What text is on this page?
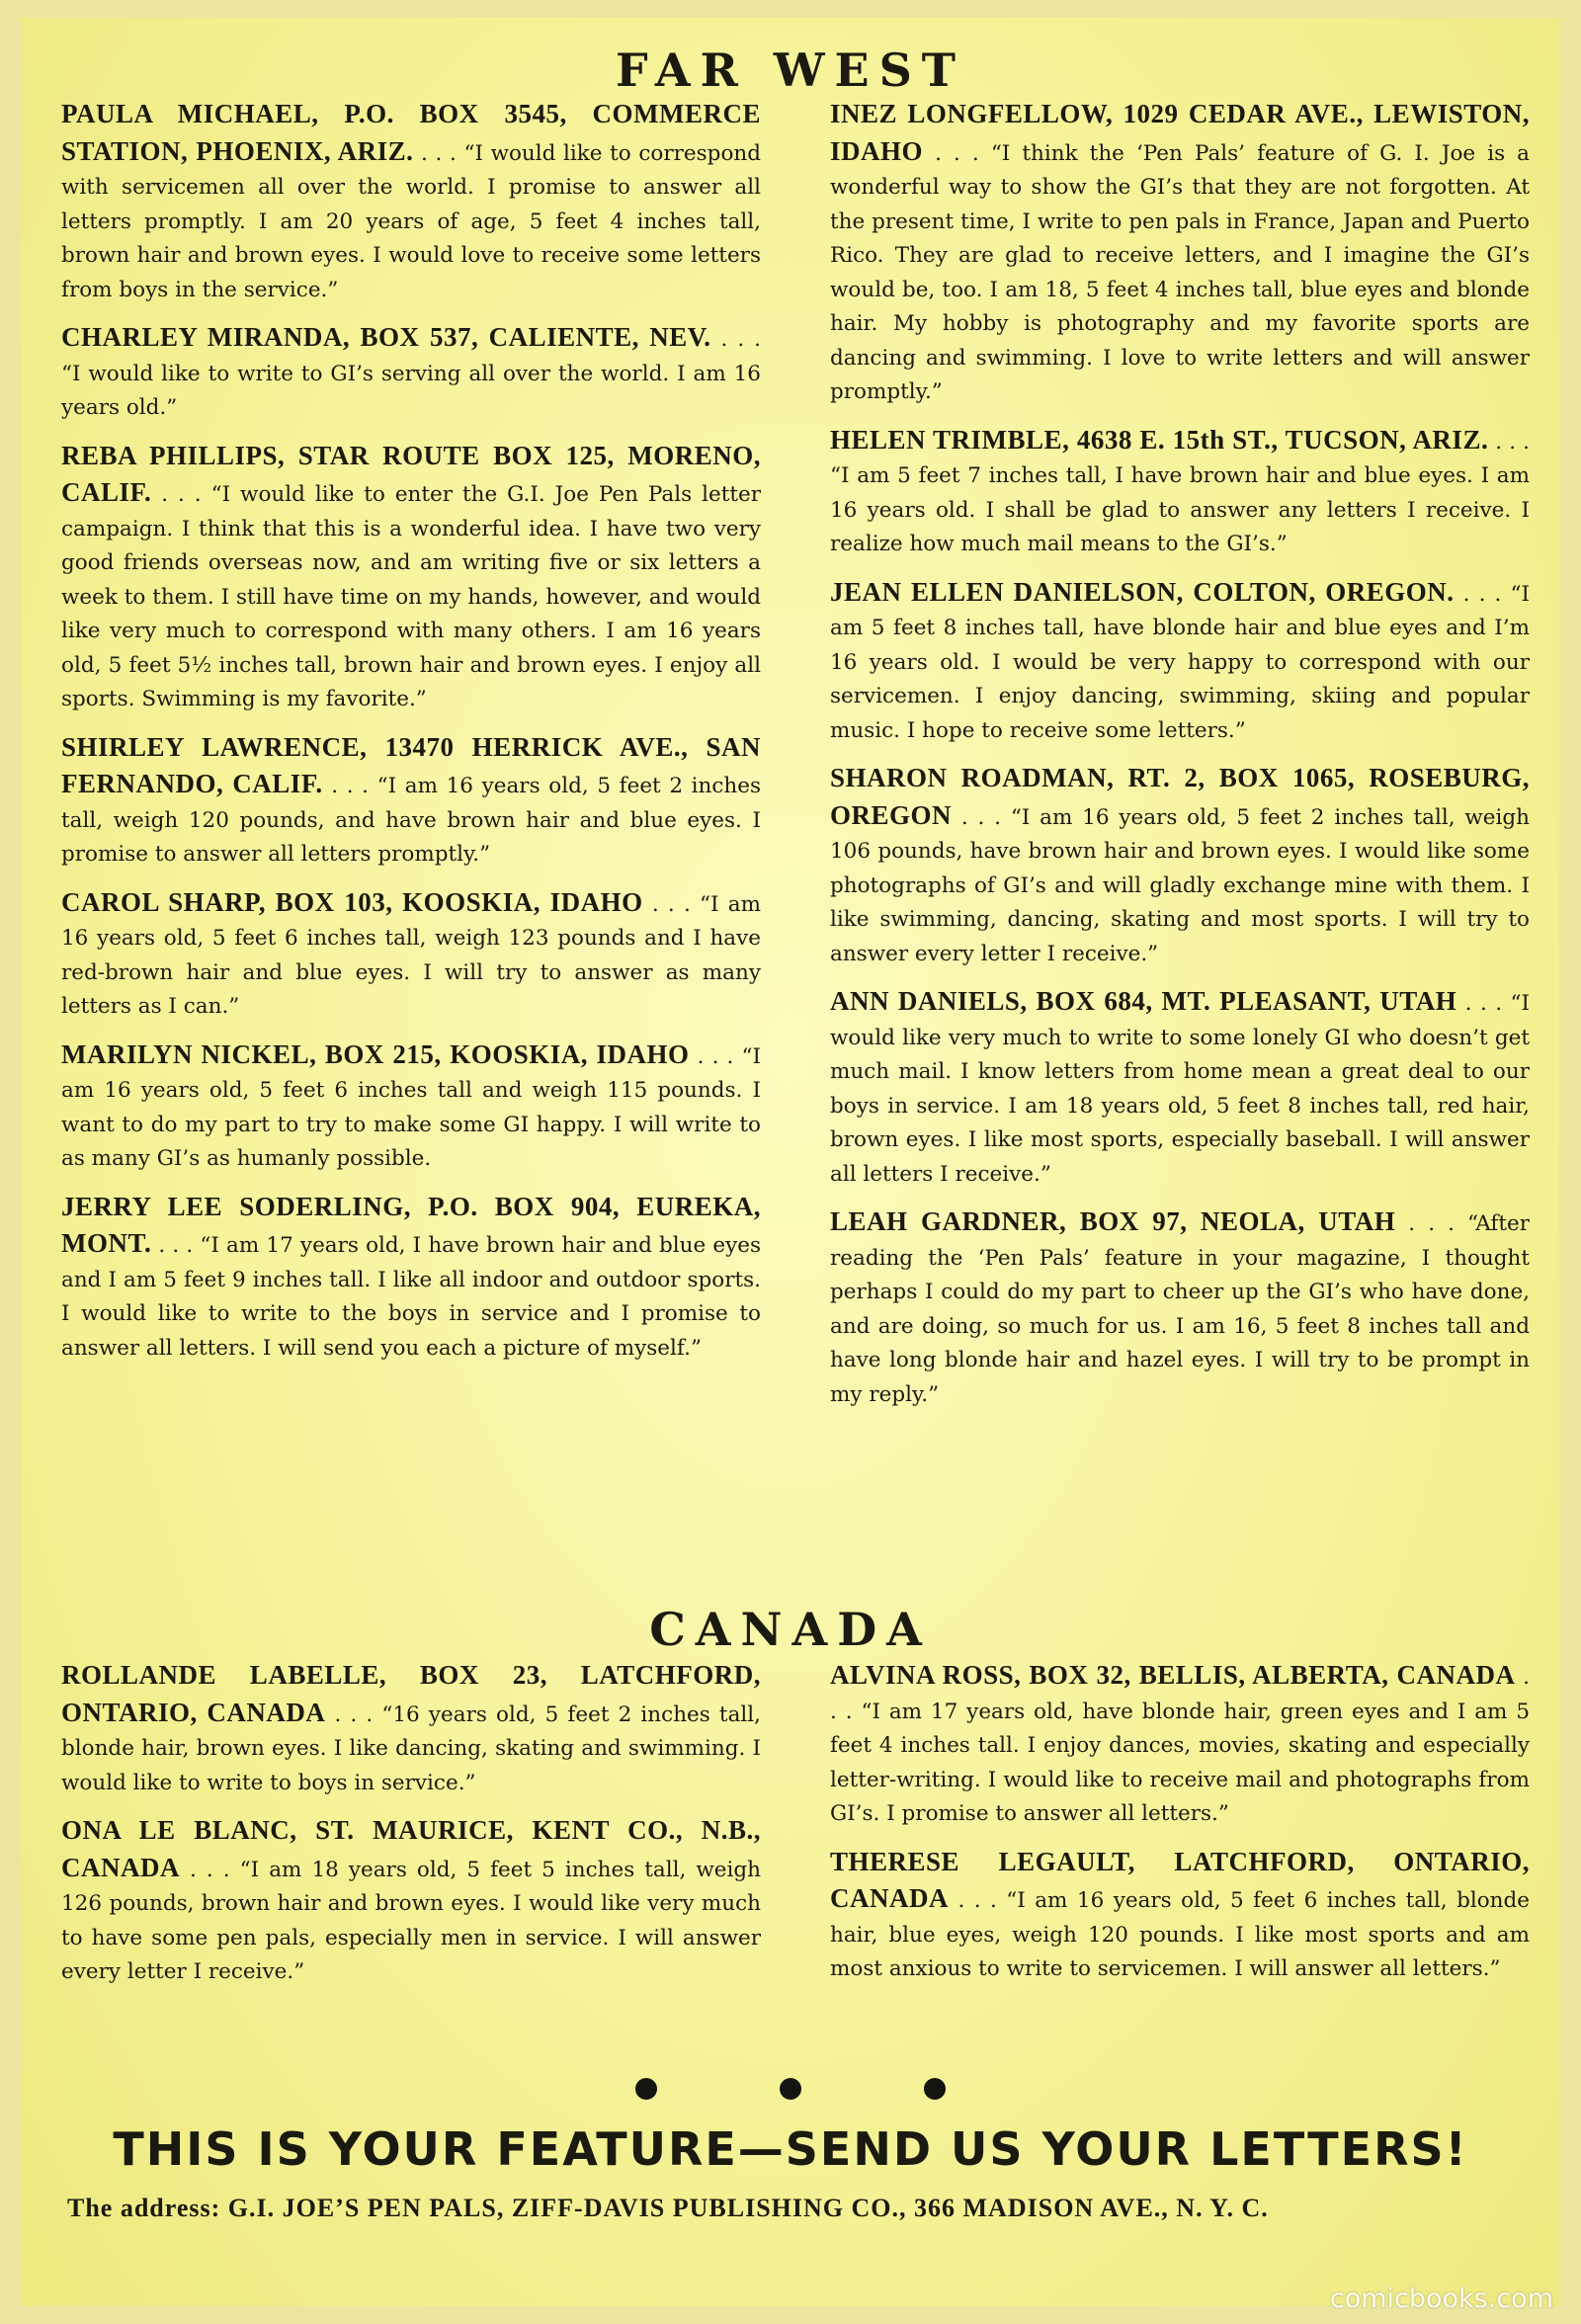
FAR WEST

PAULA MICHAEL, P.O. BOX 3545, COMMERCE STATION, PHOENIX, ARIZ. . . . “I would like to correspond with servicemen all over the world. I promise to answer all letters promptly. I am 20 years of age, 5 feet 4 inches tall, brown hair and brown eyes. I would love to receive some letters from boys in the service.”

CHARLEY MIRANDA, BOX 537, CALIENTE, NEV. . . . “I would like to write to GI’s serving all over the world. I am 16 years old.”

REBA PHILLIPS, STAR ROUTE BOX 125, MORENO, CALIF. . . . “I would like to enter the G.I. Joe Pen Pals letter campaign. I think that this is a wonderful idea. I have two very good friends overseas now, and am writing five or six letters a week to them. I still have time on my hands, however, and would like very much to correspond with many others. I am 16 years old, 5 feet 5½ inches tall, brown hair and brown eyes. I enjoy all sports. Swimming is my favorite.”

SHIRLEY LAWRENCE, 13470 HERRICK AVE., SAN FERNANDO, CALIF. . . . “I am 16 years old, 5 feet 2 inches tall, weigh 120 pounds, and have brown hair and blue eyes. I promise to answer all letters promptly.”

CAROL SHARP, BOX 103, KOOSKIA, IDAHO . . . “I am 16 years old, 5 feet 6 inches tall, weigh 123 pounds and I have red-brown hair and blue eyes. I will try to answer as many letters as I can.”

MARILYN NICKEL, BOX 215, KOOSKIA, IDAHO . . . “I am 16 years old, 5 feet 6 inches tall and weigh 115 pounds. I want to do my part to try to make some GI happy. I will write to as many GI’s as humanly possible.

JERRY LEE SODERLING, P.O. BOX 904, EUREKA, MONT. . . . “I am 17 years old, I have brown hair and blue eyes and I am 5 feet 9 inches tall. I like all indoor and outdoor sports. I would like to write to the boys in service and I promise to answer all letters. I will send you each a picture of myself.”

INEZ LONGFELLOW, 1029 CEDAR AVE., LEWISTON, IDAHO . . . “I think the ‘Pen Pals’ feature of G. I. Joe is a wonderful way to show the GI’s that they are not forgotten. At the present time, I write to pen pals in France, Japan and Puerto Rico. They are glad to receive letters, and I imagine the GI’s would be, too. I am 18, 5 feet 4 inches tall, blue eyes and blonde hair. My hobby is photography and my favorite sports are dancing and swimming. I love to write letters and will answer promptly.”

HELEN TRIMBLE, 4638 E. 15th ST., TUCSON, ARIZ. . . . “I am 5 feet 7 inches tall, I have brown hair and blue eyes. I am 16 years old. I shall be glad to answer any letters I receive. I realize how much mail means to the GI’s.”

JEAN ELLEN DANIELSON, COLTON, OREGON. . . . “I am 5 feet 8 inches tall, have blonde hair and blue eyes and I’m 16 years old. I would be very happy to correspond with our servicemen. I enjoy dancing, swimming, skiing and popular music. I hope to receive some letters.”

SHARON ROADMAN, RT. 2, BOX 1065, ROSEBURG, OREGON . . . “I am 16 years old, 5 feet 2 inches tall, weigh 106 pounds, have brown hair and brown eyes. I would like some photographs of GI’s and will gladly exchange mine with them. I like swimming, dancing, skating and most sports. I will try to answer every letter I receive.”

ANN DANIELS, BOX 684, MT. PLEASANT, UTAH . . . “I would like very much to write to some lonely GI who doesn’t get much mail. I know letters from home mean a great deal to our boys in service. I am 18 years old, 5 feet 8 inches tall, red hair, brown eyes. I like most sports, especially baseball. I will answer all letters I receive.”

LEAH GARDNER, BOX 97, NEOLA, UTAH . . . “After reading the ‘Pen Pals’ feature in your magazine, I thought perhaps I could do my part to cheer up the GI’s who have done, and are doing, so much for us. I am 16, 5 feet 8 inches tall and have long blonde hair and hazel eyes. I will try to be prompt in my reply.”

CANADA

ROLLANDE LABELLE, BOX 23, LATCHFORD, ONTARIO, CANADA . . . “16 years old, 5 feet 2 inches tall, blonde hair, brown eyes. I like dancing, skating and swimming. I would like to write to boys in service.”

ONA LE BLANC, ST. MAURICE, KENT CO., N.B., CANADA . . . “I am 18 years old, 5 feet 5 inches tall, weigh 126 pounds, brown hair and brown eyes. I would like very much to have some pen pals, especially men in service. I will answer every letter I receive.”

ALVINA ROSS, BOX 32, BELLIS, ALBERTA, CANADA . . . “I am 17 years old, have blonde hair, green eyes and I am 5 feet 4 inches tall. I enjoy dances, movies, skating and especially letter-writing. I would like to receive mail and photographs from GI’s. I promise to answer all letters.”

THERESE LEGAULT, LATCHFORD, ONTARIO, CANADA . . . “I am 16 years old, 5 feet 6 inches tall, blonde hair, blue eyes, weigh 120 pounds. I like most sports and am most anxious to write to servicemen. I will answer all letters.”

THIS IS YOUR FEATURE—SEND US YOUR LETTERS!

The address: G.I. JOE’S PEN PALS, ZIFF-DAVIS PUBLISHING CO., 366 MADISON AVE., N. Y. C.

comicbooks.com
